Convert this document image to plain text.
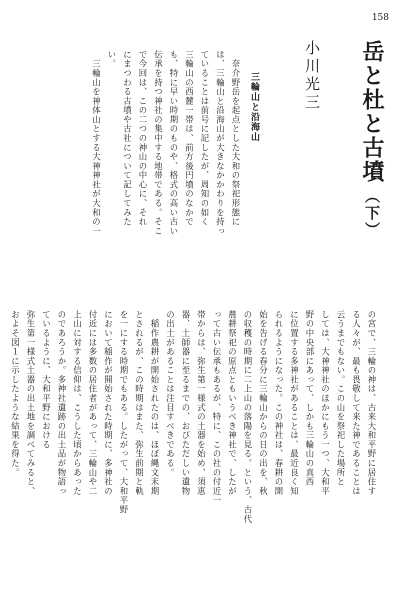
158
岳と杜と古墳（下）
小川光三
三輪山と沿海山
　奈介野岳を起点とした大和の祭祀形態に
は、三輪山と沿海山が大きなかかわりを持っ
ていることは前号に記したが、周知の如く
三輪山の西麓一帯は、前方後円墳のなかで
も、特に早い時期のものや、格式の高い古い
伝承を持つ神社の集中する地帯である。そこ
で今回は、この二つの神山の中心に、それ
にまつわる古墳や古社について記してみた
い。
　三輪山を神体山とする大神神社が大和の一
の宮で、三輪の神は、古来大和平野に居住す
る人々が、最も畏敬して来た神であることは
云うまでもない。この山を祭祀した場所と
しては、大神神社のほかにもう一つ、大和平
野の中央部にあって、しかも三輪山の真西
に位置する多神社があることは、最近良く知
られるようになった。この神社は、春耕の開
始を告げる春分に三輪山からの日の出を、秋
の収穫の時期に二上山の落陽を見る。という、古代
農耕祭祀の原点ともいうべき神社で、したが
って古い伝承もあるが、特に、この社の付近一
帯からは、弥生第一様式の土器を始め、須恵
器、土師器に至るまでの、おびただしい遺物
の出土があることは注目すべきである。
　稲作農耕が開始されたのは、ほぼ縄文末期
とされるが、この時期はまた、弥生前期と軌
を一にする時期でもある。したがって、大和平野
において稲作が開始された時期に、多神社の
付近には多数の居住者があって、三輪山や二
上山に対する信仰は、こうした頃からあった
のであろうか。多神社遺跡の出土品が物語っ
ているように、大和平野における
弥生第一様式土器の出土地を調べてみると、
およそ図１に示したような結果を得た。
